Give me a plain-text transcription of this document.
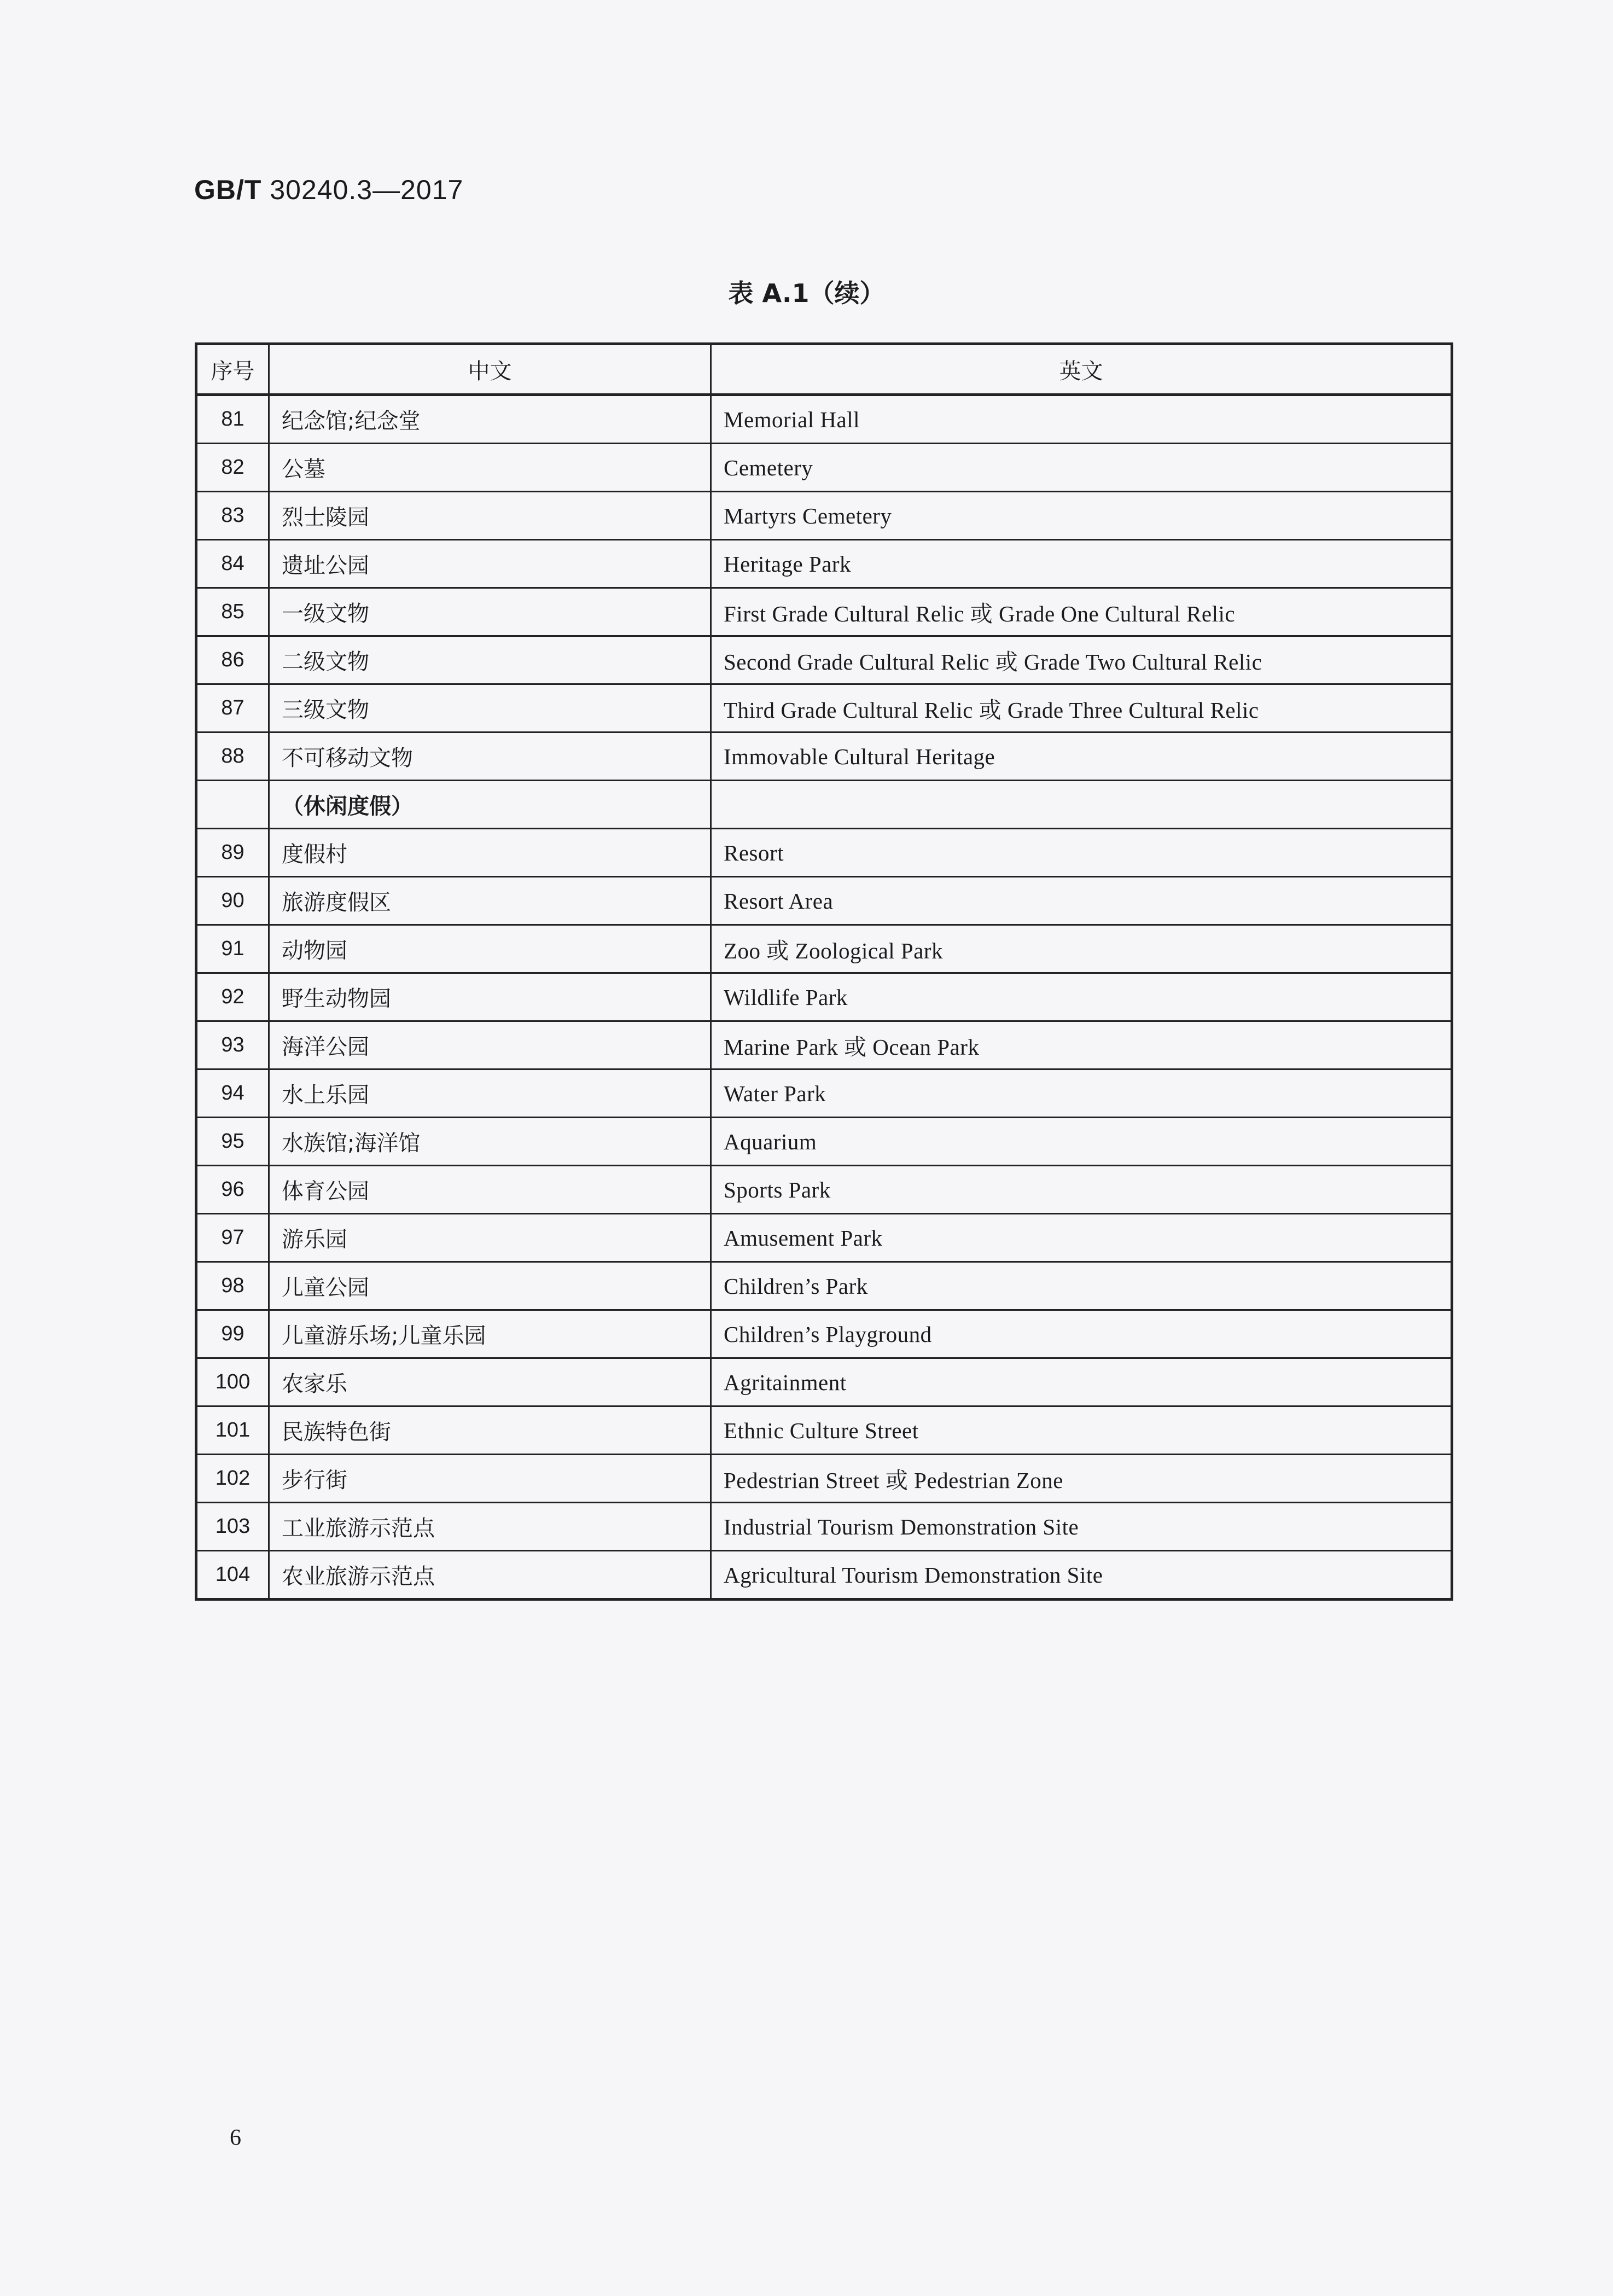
GB/T 30240.3—2017
表 A.1（续）
序号	中文	英文
81	纪念馆;纪念堂	Memorial Hall
82	公墓	Cemetery
83	烈士陵园	Martyrs Cemetery
84	遗址公园	Heritage Park
85	一级文物	First Grade Cultural Relic 或 Grade One Cultural Relic
86	二级文物	Second Grade Cultural Relic 或 Grade Two Cultural Relic
87	三级文物	Third Grade Cultural Relic 或 Grade Three Cultural Relic
88	不可移动文物	Immovable Cultural Heritage
	（休闲度假）	
89	度假村	Resort
90	旅游度假区	Resort Area
91	动物园	Zoo 或 Zoological Park
92	野生动物园	Wildlife Park
93	海洋公园	Marine Park 或 Ocean Park
94	水上乐园	Water Park
95	水族馆;海洋馆	Aquarium
96	体育公园	Sports Park
97	游乐园	Amusement Park
98	儿童公园	Children’s Park
99	儿童游乐场;儿童乐园	Children’s Playground
100	农家乐	Agritainment
101	民族特色街	Ethnic Culture Street
102	步行街	Pedestrian Street 或 Pedestrian Zone
103	工业旅游示范点	Industrial Tourism Demonstration Site
104	农业旅游示范点	Agricultural Tourism Demonstration Site
6
